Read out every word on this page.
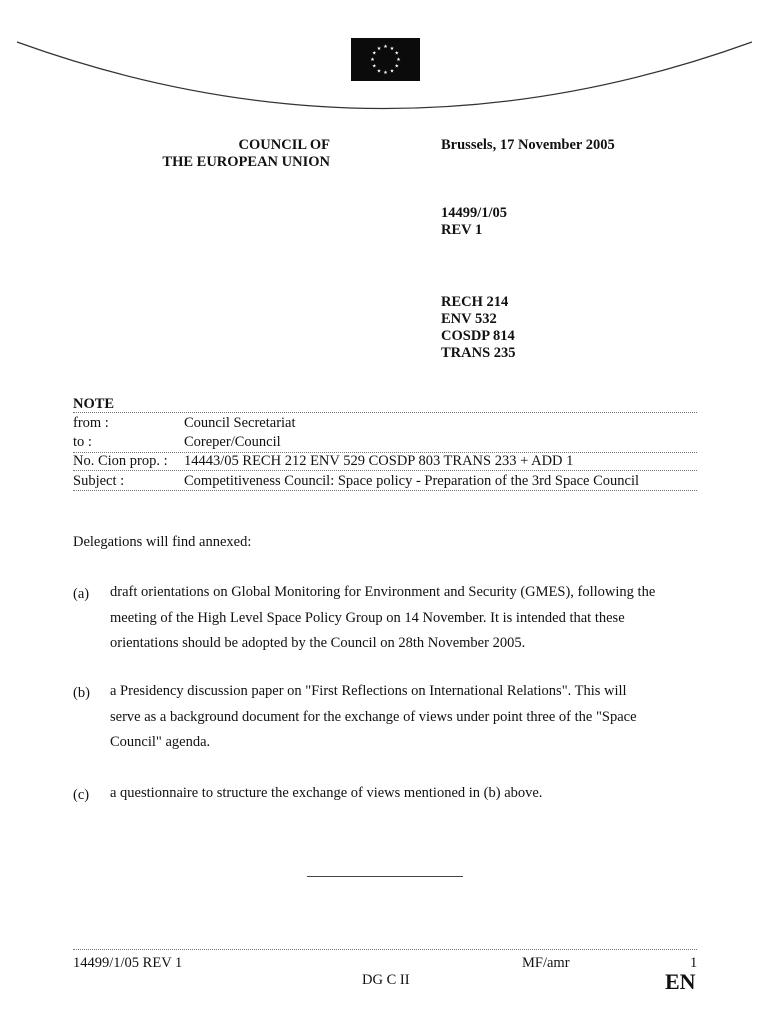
★ ★
★
★
★
★
★
★
★
★
★
★
COUNCIL OF
THE EUROPEAN UNION
Brussels, 17 November 2005
14499/1/05
REV 1
RECH 214
ENV 532
COSDP 814
TRANS 235
NOTE
from :	Council Secretariat
to :	Coreper/Council
No. Cion prop. : 14443/05 RECH 212 ENV 529 COSDP 803 TRANS 233 + ADD 1
Subject :	Competitiveness Council: Space policy - Preparation of the 3rd Space Council
Delegations will find annexed:
(a) draft orientations on Global Monitoring for Environment and Security (GMES), following the
meeting of the High Level Space Policy Group on 14 November. It is intended that these
orientations should be adopted by the Council on 28th November 2005.
(b) a Presidency discussion paper on "First Reflections on International Relations". This will
serve as a background document for the exchange of views under point three of the "Space
Council" agenda.
(c) a questionnaire to structure the exchange of views mentioned in (b) above.
14499/1/05 REV 1
DG C II
MF/amr	1
EN
